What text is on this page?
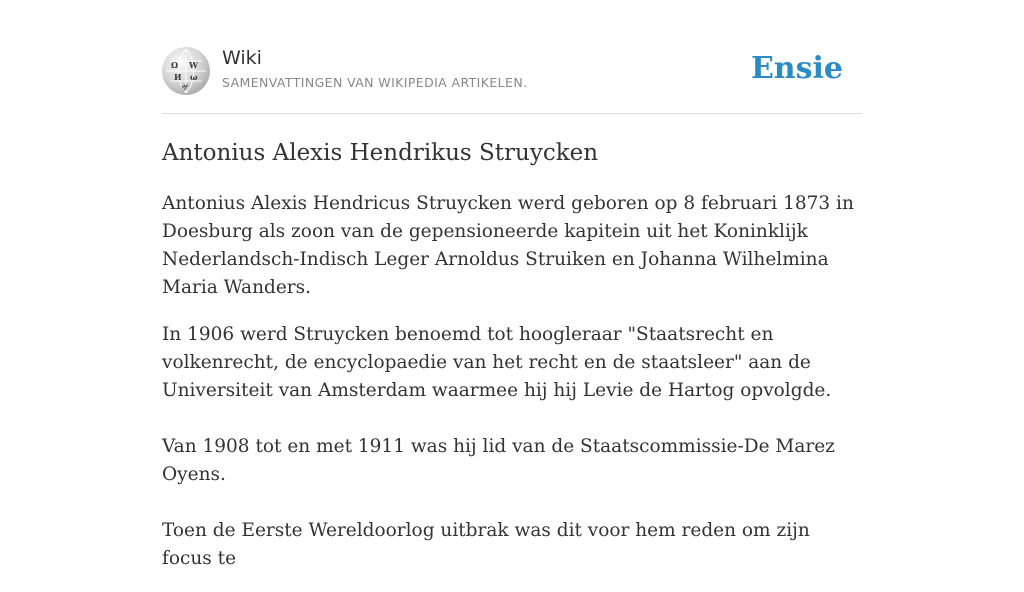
Ω W
И ω
ヴ
Wiki
SAMENVATTINGEN VAN WIKIPEDIA ARTIKELEN.	Ensie
Antonius Alexis Hendrikus Struycken

Antonius Alexis Hendricus Struycken werd geboren op 8 februari 1873 in Doesburg als zoon van de gepensioneerde kapitein uit het Koninklijk Nederlandsch-Indisch Leger Arnoldus Struiken en Johanna Wilhelmina Maria Wanders.

In 1906 werd Struycken benoemd tot hoogleraar "Staatsrecht en volkenrecht, de encyclopaedie van het recht en de staatsleer" aan de Universiteit van Amsterdam waarmee hij hij Levie de Hartog opvolgde.

Van 1908 tot en met 1911 was hij lid van de Staatscommissie-De Marez Oyens.

Toen de Eerste Wereldoorlog uitbrak was dit voor hem reden om zijn focus te
